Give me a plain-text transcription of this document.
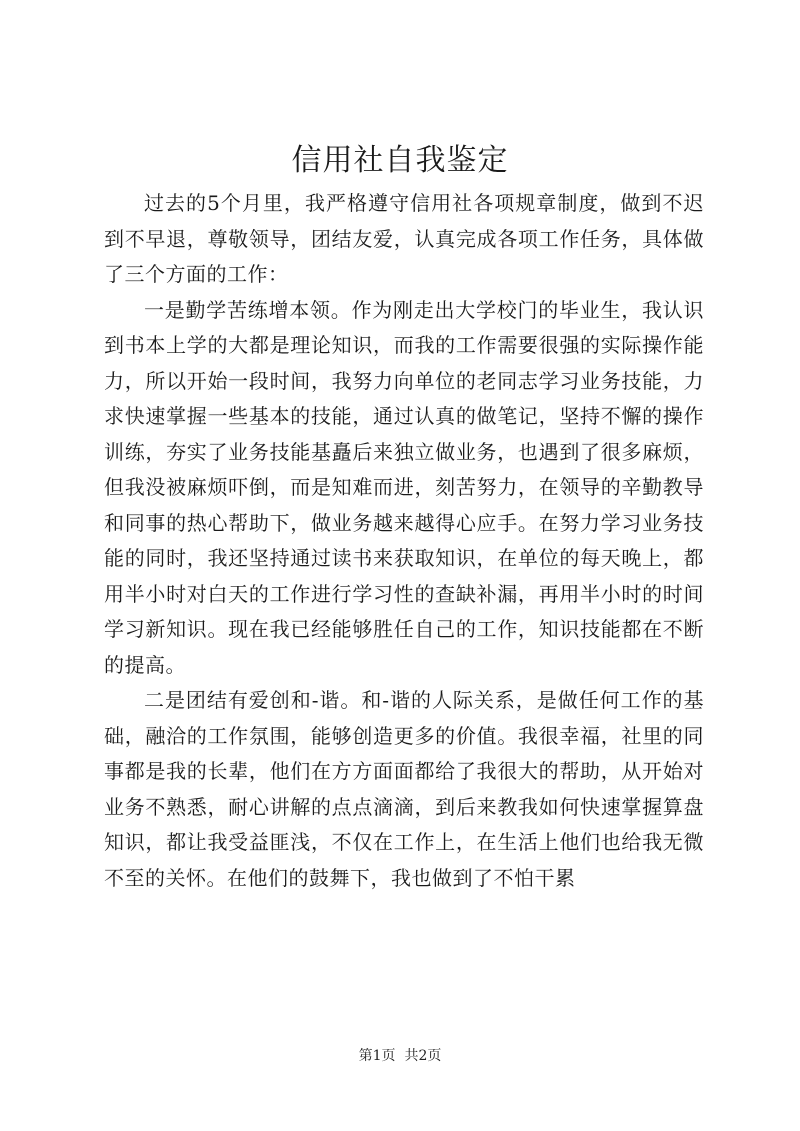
信用社自我鉴定

过去的5个月里，我严格遵守信用社各项规章制度，做到不迟到不早退，尊敬领导，团结友爱，认真完成各项工作任务，具体做了三个方面的工作：

一是勤学苦练增本领。作为刚走出大学校门的毕业生，我认识到书本上学的大都是理论知识，而我的工作需要很强的实际操作能力，所以开始一段时间，我努力向单位的老同志学习业务技能，力求快速掌握一些基本的技能，通过认真的做笔记，坚持不懈的操作训练，夯实了业务技能基矗后来独立做业务，也遇到了很多麻烦，但我没被麻烦吓倒，而是知难而进，刻苦努力，在领导的辛勤教导和同事的热心帮助下，做业务越来越得心应手。在努力学习业务技能的同时，我还坚持通过读书来获取知识，在单位的每天晚上，都用半小时对白天的工作进行学习性的查缺补漏，再用半小时的时间学习新知识。现在我已经能够胜任自己的工作，知识技能都在不断的提高。

二是团结有爱创和-谐。和-谐的人际关系，是做任何工作的基础，融洽的工作氛围，能够创造更多的价值。我很幸福，社里的同事都是我的长辈，他们在方方面面都给了我很大的帮助，从开始对业务不熟悉，耐心讲解的点点滴滴，到后来教我如何快速掌握算盘知识，都让我受益匪浅，不仅在工作上，在生活上他们也给我无微不至的关怀。在他们的鼓舞下，我也做到了不怕干累

第1页  共2页
